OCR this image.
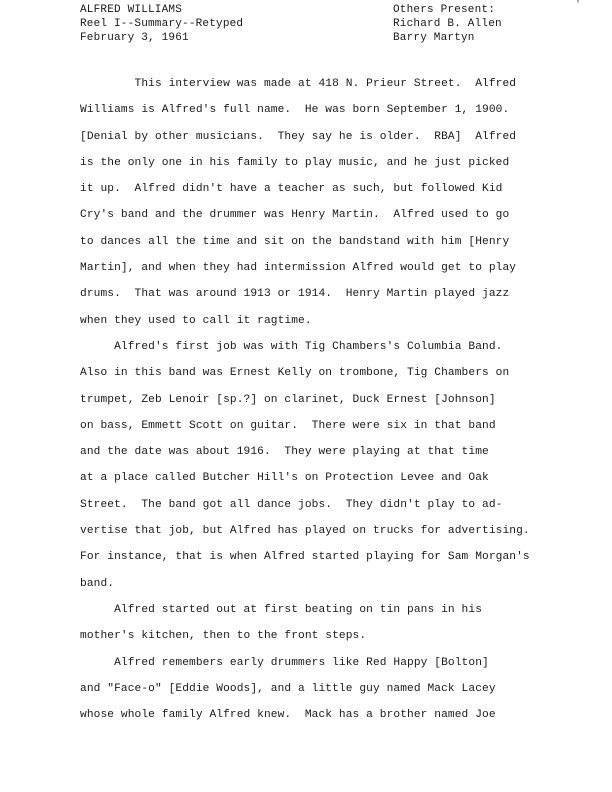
ALFRED WILLIAMS
Reel I--Summary--Retyped
February 3, 1961
Others Present:
Richard B. Allen
Barry Martyn
'
This interview was made at 418 N. Prieur Street.  Alfred
Williams is Alfred's full name.  He was born September 1, 1900.
[Denial by other musicians.  They say he is older.  RBA]  Alfred
is the only one in his family to play music, and he just picked
it up.  Alfred didn't have a teacher as such, but followed Kid
Cry's band and the drummer was Henry Martin.  Alfred used to go
to dances all the time and sit on the bandstand with him [Henry
Martin], and when they had intermission Alfred would get to play
drums.  That was around 1913 or 1914.  Henry Martin played jazz
when they used to call it ragtime.
Alfred's first job was with Tig Chambers's Columbia Band.
Also in this band was Ernest Kelly on trombone, Tig Chambers on
trumpet, Zeb Lenoir [sp.?] on clarinet, Duck Ernest [Johnson]
on bass, Emmett Scott on guitar.  There were six in that band
and the date was about 1916.  They were playing at that time
at a place called Butcher Hill's on Protection Levee and Oak
Street.  The band got all dance jobs.  They didn't play to ad-
vertise that job, but Alfred has played on trucks for advertising.
For instance, that is when Alfred started playing for Sam Morgan's
band.
Alfred started out at first beating on tin pans in his
mother's kitchen, then to the front steps.
Alfred remembers early drummers like Red Happy [Bolton]
and "Face-o" [Eddie Woods], and a little guy named Mack Lacey
whose whole family Alfred knew.  Mack has a brother named Joe
